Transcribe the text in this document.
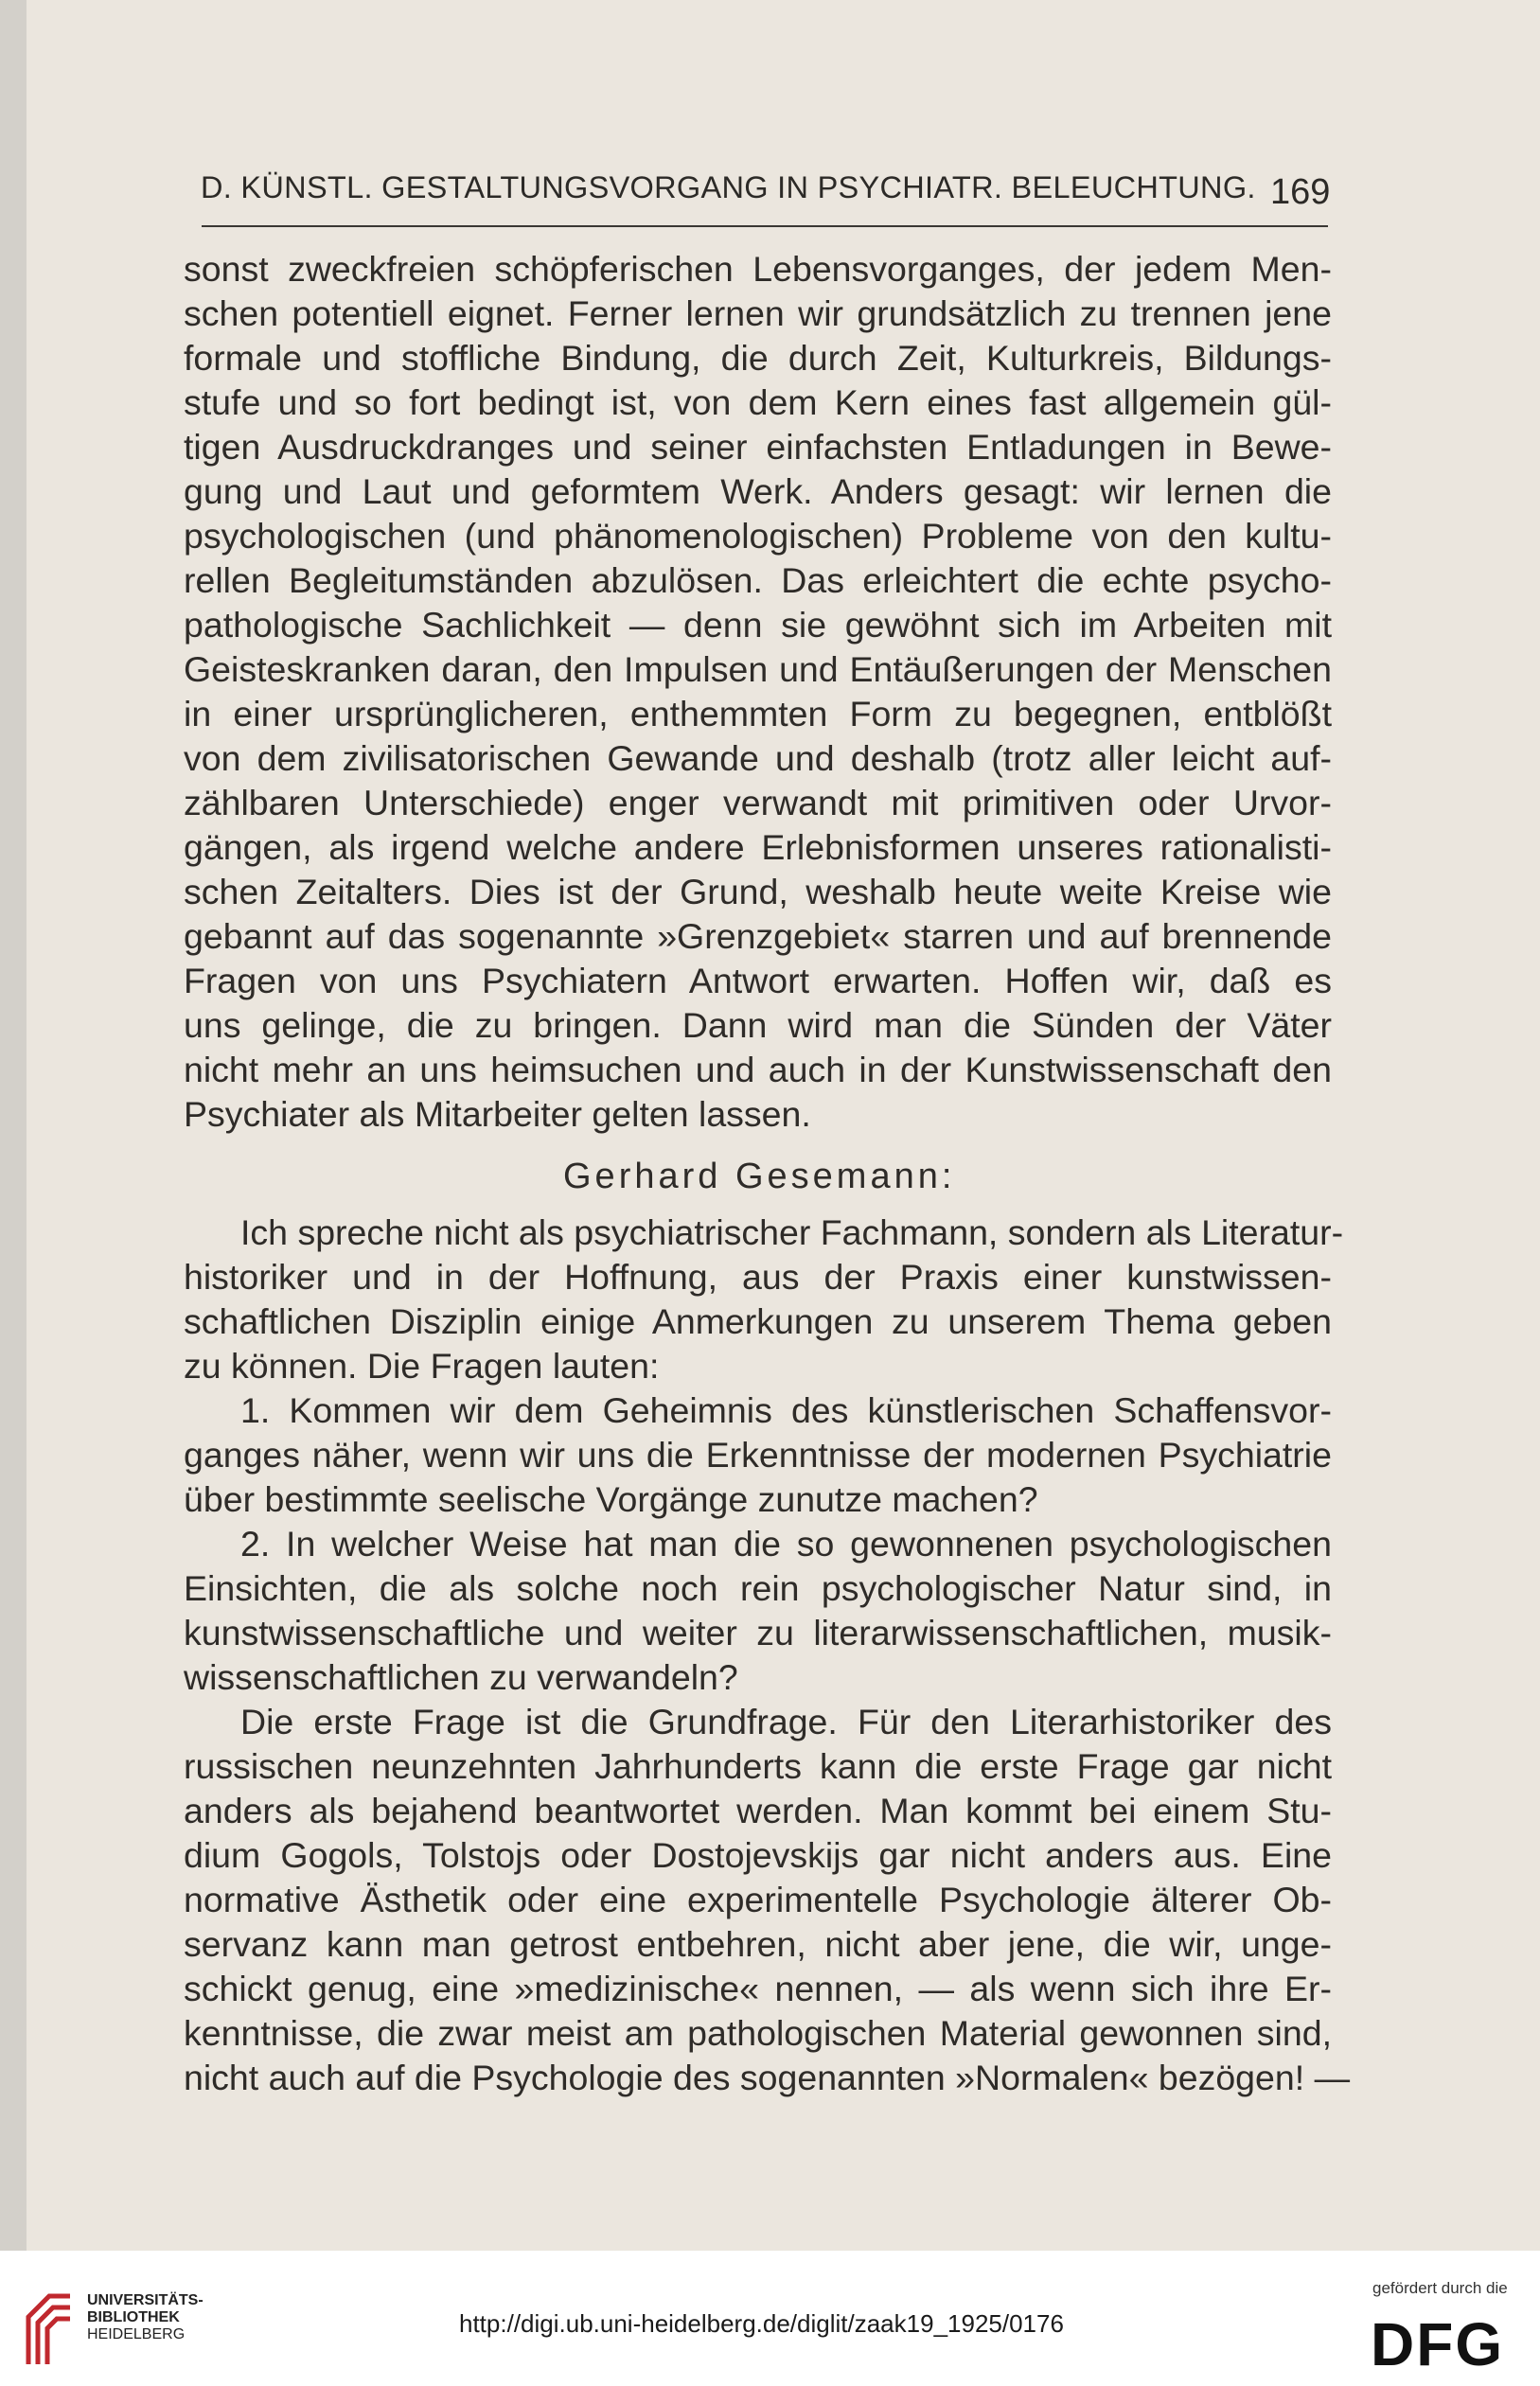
D. KÜNSTL. GESTALTUNGSVORGANG IN PSYCHIATR. BELEUCHTUNG. 169
sonst zweckfreien schöpferischen Lebensvorganges, der jedem Men-
schen potentiell eignet. Ferner lernen wir grundsätzlich zu trennen jene
formale und stoffliche Bindung, die durch Zeit, Kulturkreis, Bildungs-
stufe und so fort bedingt ist, von dem Kern eines fast allgemein gül-
tigen Ausdruckdranges und seiner einfachsten Entladungen in Bewe-
gung und Laut und geformtem Werk. Anders gesagt: wir lernen die
psychologischen (und phänomenologischen) Probleme von den kultu-
rellen Begleitumständen abzulösen. Das erleichtert die echte psycho-
pathologische Sachlichkeit — denn sie gewöhnt sich im Arbeiten mit
Geisteskranken daran, den Impulsen und Entäußerungen der Menschen
in einer ursprünglicheren, enthemmten Form zu begegnen, entblößt
von dem zivilisatorischen Gewande und deshalb (trotz aller leicht auf-
zählbaren Unterschiede) enger verwandt mit primitiven oder Urvor-
gängen, als irgend welche andere Erlebnisformen unseres rationalisti-
schen Zeitalters. Dies ist der Grund, weshalb heute weite Kreise wie
gebannt auf das sogenannte »Grenzgebiet« starren und auf brennende
Fragen von uns Psychiatern Antwort erwarten. Hoffen wir, daß es
uns gelinge, die zu bringen. Dann wird man die Sünden der Väter
nicht mehr an uns heimsuchen und auch in der Kunstwissenschaft den
Psychiater als Mitarbeiter gelten lassen.
Gerhard Gesemann:
Ich spreche nicht als psychiatrischer Fachmann, sondern als Literatur-
historiker und in der Hoffnung, aus der Praxis einer kunstwissen-
schaftlichen Disziplin einige Anmerkungen zu unserem Thema geben
zu können. Die Fragen lauten:
1. Kommen wir dem Geheimnis des künstlerischen Schaffensvor-
ganges näher, wenn wir uns die Erkenntnisse der modernen Psychiatrie
über bestimmte seelische Vorgänge zunutze machen?
2. In welcher Weise hat man die so gewonnenen psychologischen
Einsichten, die als solche noch rein psychologischer Natur sind, in
kunstwissenschaftliche und weiter zu literarwissenschaftlichen, musik-
wissenschaftlichen zu verwandeln?
Die erste Frage ist die Grundfrage. Für den Literarhistoriker des
russischen neunzehnten Jahrhunderts kann die erste Frage gar nicht
anders als bejahend beantwortet werden. Man kommt bei einem Stu-
dium Gogols, Tolstojs oder Dostojevskijs gar nicht anders aus. Eine
normative Ästhetik oder eine experimentelle Psychologie älterer Ob-
servanz kann man getrost entbehren, nicht aber jene, die wir, unge-
schickt genug, eine »medizinische« nennen, — als wenn sich ihre Er-
kenntnisse, die zwar meist am pathologischen Material gewonnen sind,
nicht auch auf die Psychologie des sogenannten »Normalen« bezögen! —
UNIVERSITÄTS-
BIBLIOTHEK
HEIDELBERG	http://digi.ub.uni-heidelberg.de/diglit/zaak19_1925/0176
gefördert durch die
DFG
